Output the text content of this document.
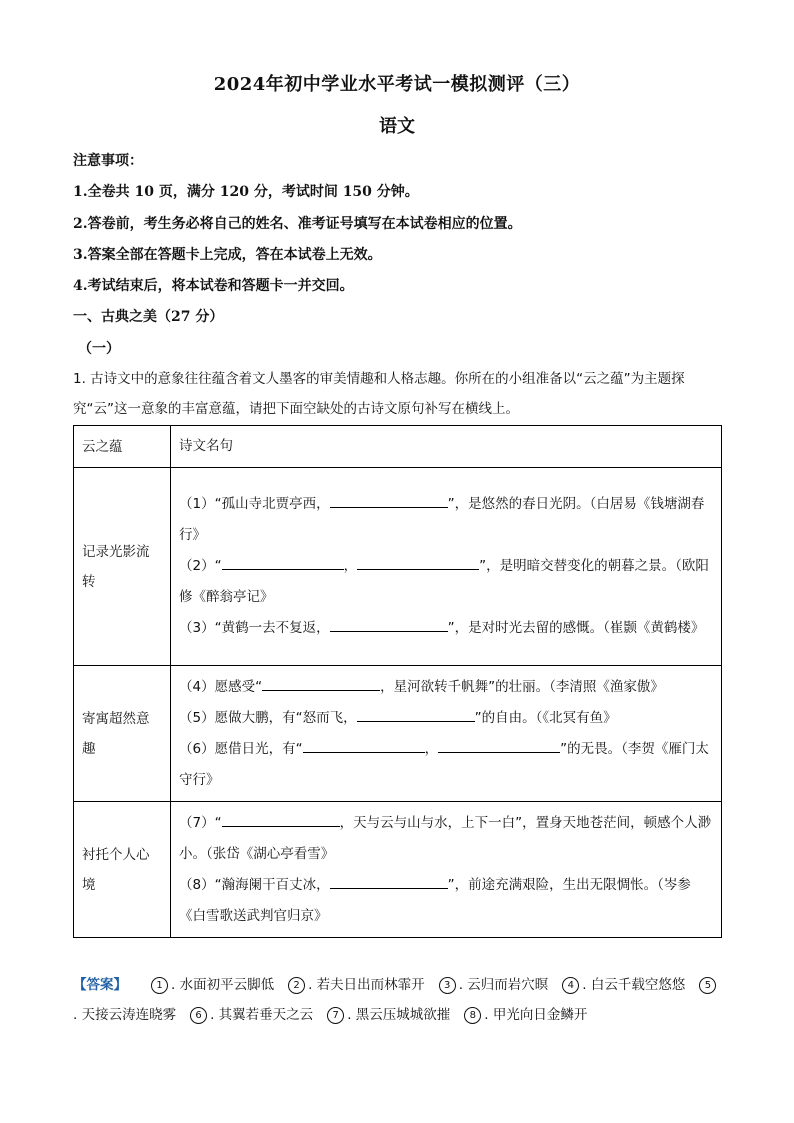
2024年初中学业水平考试一模拟测评（三）
语文
注意事项：
1.全卷共 10 页，满分 120 分，考试时间 150 分钟。
2.答卷前，考生务必将自己的姓名、准考证号填写在本试卷相应的位置。
3.答案全部在答题卡上完成，答在本试卷上无效。
4.考试结束后，将本试卷和答题卡一并交回。
一、古典之美（27 分）
（一）
1. 古诗文中的意象往往蕴含着文人墨客的审美情趣和人格志趣。你所在的小组准备以“云之蕴”为主题探
究“云”这一意象的丰富意蕴，请把下面空缺处的古诗文原句补写在横线上。
云之蕴	诗文名句
记录光影流转	（1）“孤山寺北贾亭西， ”，是悠然的春日光阴。（白居易《钱塘湖春行》
（2）“ ， ”，是明暗交替变化的朝暮之景。（欧阳修《醉翁亭记》
（3）“黄鹤一去不复返， ”，是对时光去留的感慨。（崔颢《黄鹤楼》

寄寓超然意趣	（4）愿感受“ ，星河欲转千帆舞”的壮丽。（李清照《渔家傲》
（5）愿做大鹏，有“怒而飞， ”的自由。（《北冥有鱼》
（6）愿借日光，有“ ， ”的无畏。（李贺《雁门太守行》

衬托个人心境	（7）“ ，天与云与山与水，上下一白”，置身天地苍茫间，顿感个人渺小。（张岱《湖心亭看雪》
（8）“瀚海阑干百丈冰， ”，前途充满艰险，生出无限惆怅。（岑参《白雪歌送武判官归京》
【答案】	1 . 水面初平云脚低 2 . 若夫日出而林霏开 3 . 云归而岩穴暝 4 . 白云千载空悠悠 5. 天接云涛连晓雾 6 . 其翼若垂天之云 7 . 黑云压城城欲摧 8 . 甲光向日金鳞开
